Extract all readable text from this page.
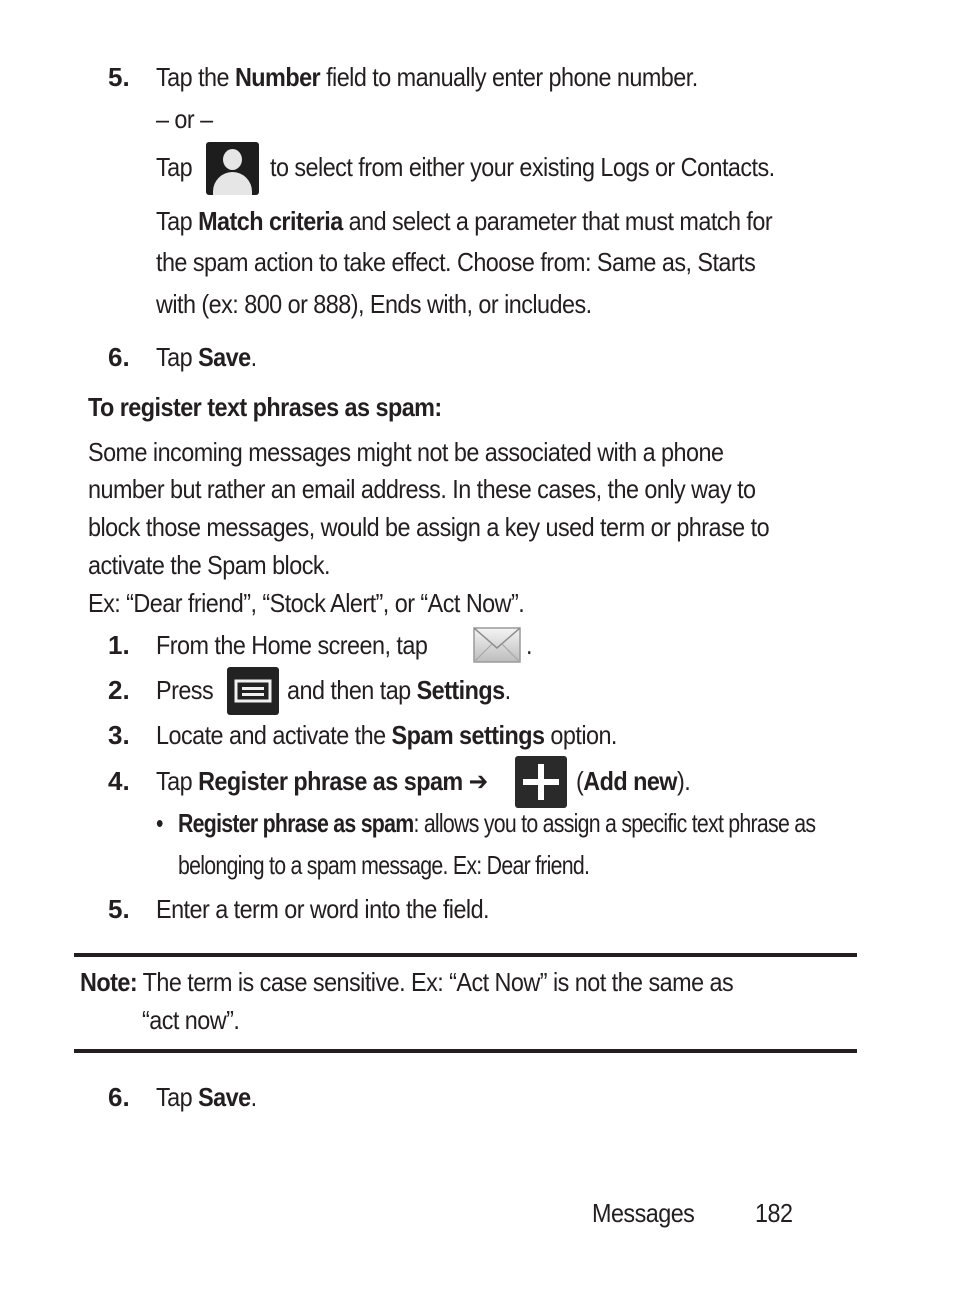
5. Tap the Number field to manually enter phone number.
– or –
Tap	to select from either your existing Logs or Contacts.
Tap Match criteria and select a parameter that must match for
the spam action to take effect. Choose from: Same as, Starts
with (ex: 800 or 888), Ends with, or includes.
6. Tap Save.
To register text phrases as spam:
Some incoming messages might not be associated with a phone
number but rather an email address. In these cases, the only way to
block those messages, would be assign a key used term or phrase to
activate the Spam block.
Ex: “Dear friend”, “Stock Alert”, or “Act Now”.
1. From the Home screen, tap	.
2. Press	and then tap Settings.
3. Locate and activate the Spam settings option.
4. Tap Register phrase as spam ➔	(Add new).
• Register phrase as spam: allows you to assign a specific text phrase as
belonging to a spam message. Ex: Dear friend.
5. Enter a term or word into the field.
Note: The term is case sensitive. Ex: “Act Now” is not the same as
“act now”.
6. Tap Save.
Messages 182
